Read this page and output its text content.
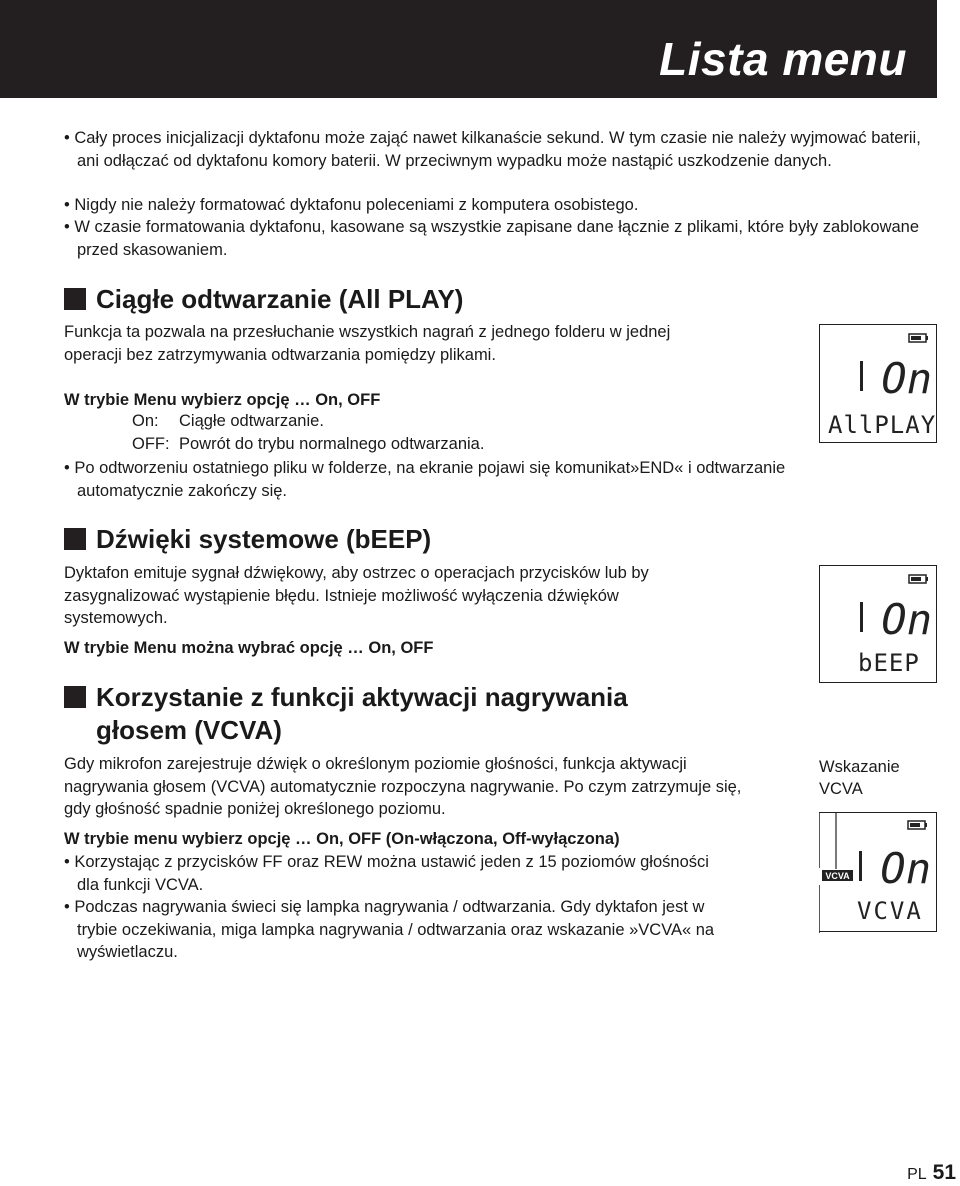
Lista menu

• Cały proces inicjalizacji dyktafonu może zająć nawet kilkanaście sekund. W tym czasie nie należy wyjmować baterii, ani odłączać od dyktafonu komory baterii. W przeciwnym wypadku może nastąpić uszkodzenie danych.

• Nigdy nie należy formatować dyktafonu poleceniami z komputera osobistego.

• W czasie formatowania dyktafonu, kasowane są wszystkie zapisane dane łącznie z plikami, które były zablokowane przed skasowaniem.

Ciągłe odtwarzanie (All PLAY)

Funkcja ta pozwala na przesłuchanie wszystkich nagrań z jednego folderu w jednej operacji bez zatrzymywania odtwarzania pomiędzy plikami.

W trybie Menu wybierz opcję … On, OFF

On: Ciągłe odtwarzanie.
OFF: Powrót do trybu normalnego odtwarzania.

• Po odtworzeniu ostatniego pliku w folderze, na ekranie pojawi się komunikat»END« i odtwarzanie automatycznie zakończy się.

On
AllPLAY
Dźwięki systemowe (bEEP)

Dyktafon emituje sygnał dźwiękowy, aby ostrzec o operacjach przycisków lub by zasygnalizować wystąpienie błędu. Istnieje możliwość wyłączenia dźwięków systemowych.

W trybie Menu można wybrać opcję … On, OFF

On
bEEP
Korzystanie z funkcji aktywacji nagrywania
głosem (VCVA)

Gdy mikrofon zarejestruje dźwięk o określonym poziomie głośności, funkcja aktywacji nagrywania głosem (VCVA) automatycznie rozpoczyna nagrywanie. Po czym zatrzymuje się, gdy głośność spadnie poniżej określonego poziomu.

W trybie menu wybierz opcję … On, OFF (On-włączona, Off-wyłączona)

• Korzystając z przycisków FF oraz REW można ustawić jeden z 15 poziomów głośności dla funkcji VCVA.

• Podczas nagrywania świeci się lampka nagrywania / odtwarzania. Gdy dyktafon jest w trybie oczekiwania, miga lampka nagrywania / odtwarzania oraz wskazanie »VCVA« na wyświetlaczu.

Wskazanie
VCVA
VCVA On
VCVA
PL 51
